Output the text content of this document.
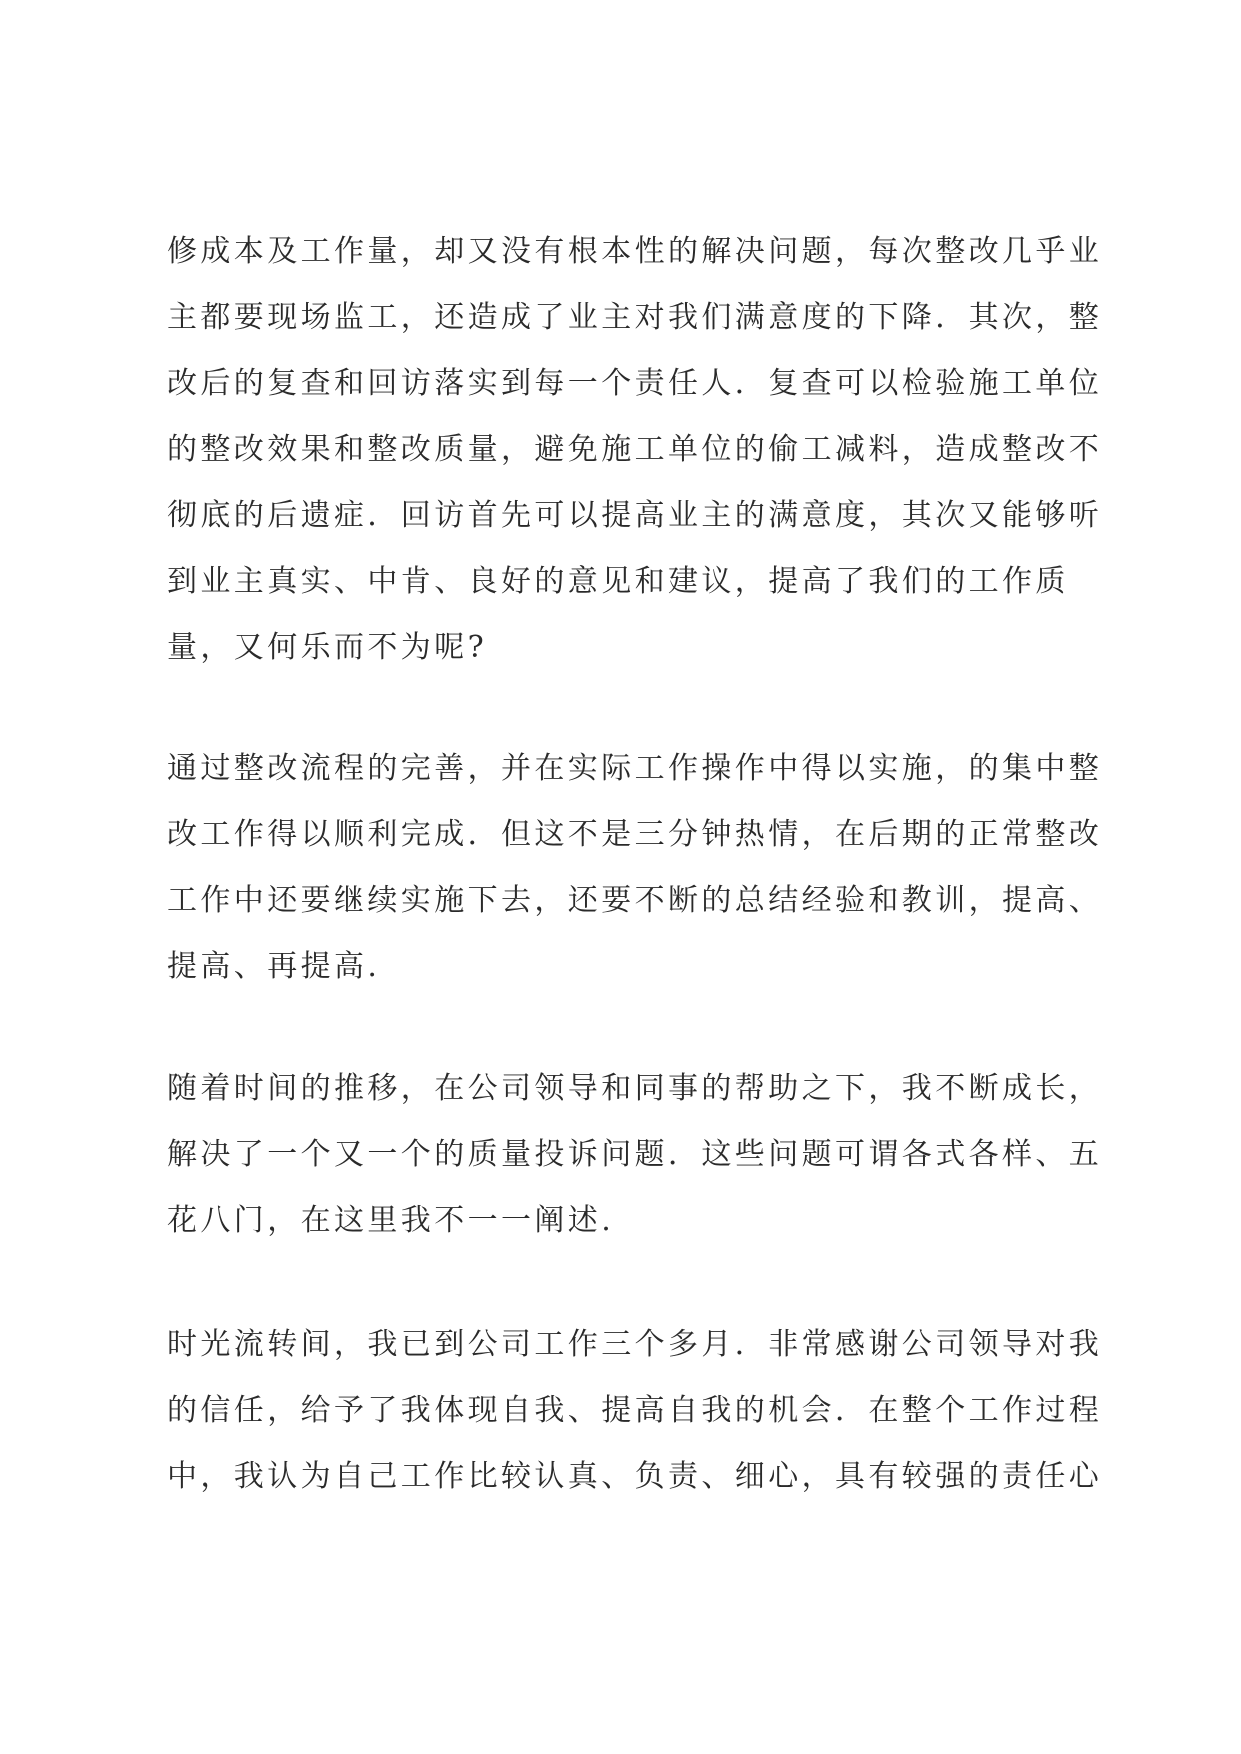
修成本及工作量，却又没有根本性的解决问题，每次整改几乎业
主都要现场监工，还造成了业主对我们满意度的下降．其次，整
改后的复查和回访落实到每一个责任人．复查可以检验施工单位
的整改效果和整改质量，避免施工单位的偷工减料，造成整改不
彻底的后遗症．回访首先可以提高业主的满意度，其次又能够听
到业主真实、中肯、良好的意见和建议，提高了我们的工作质
量，又何乐而不为呢?
通过整改流程的完善，并在实际工作操作中得以实施，的集中整
改工作得以顺利完成．但这不是三分钟热情，在后期的正常整改
工作中还要继续实施下去，还要不断的总结经验和教训，提高、
提高、再提高.
随着时间的推移，在公司领导和同事的帮助之下，我不断成长，
解决了一个又一个的质量投诉问题．这些问题可谓各式各样、五
花八门，在这里我不一一阐述.
时光流转间，我已到公司工作三个多月．非常感谢公司领导对我
的信任，给予了我体现自我、提高自我的机会．在整个工作过程
中，我认为自己工作比较认真、负责、细心，具有较强的责任心
